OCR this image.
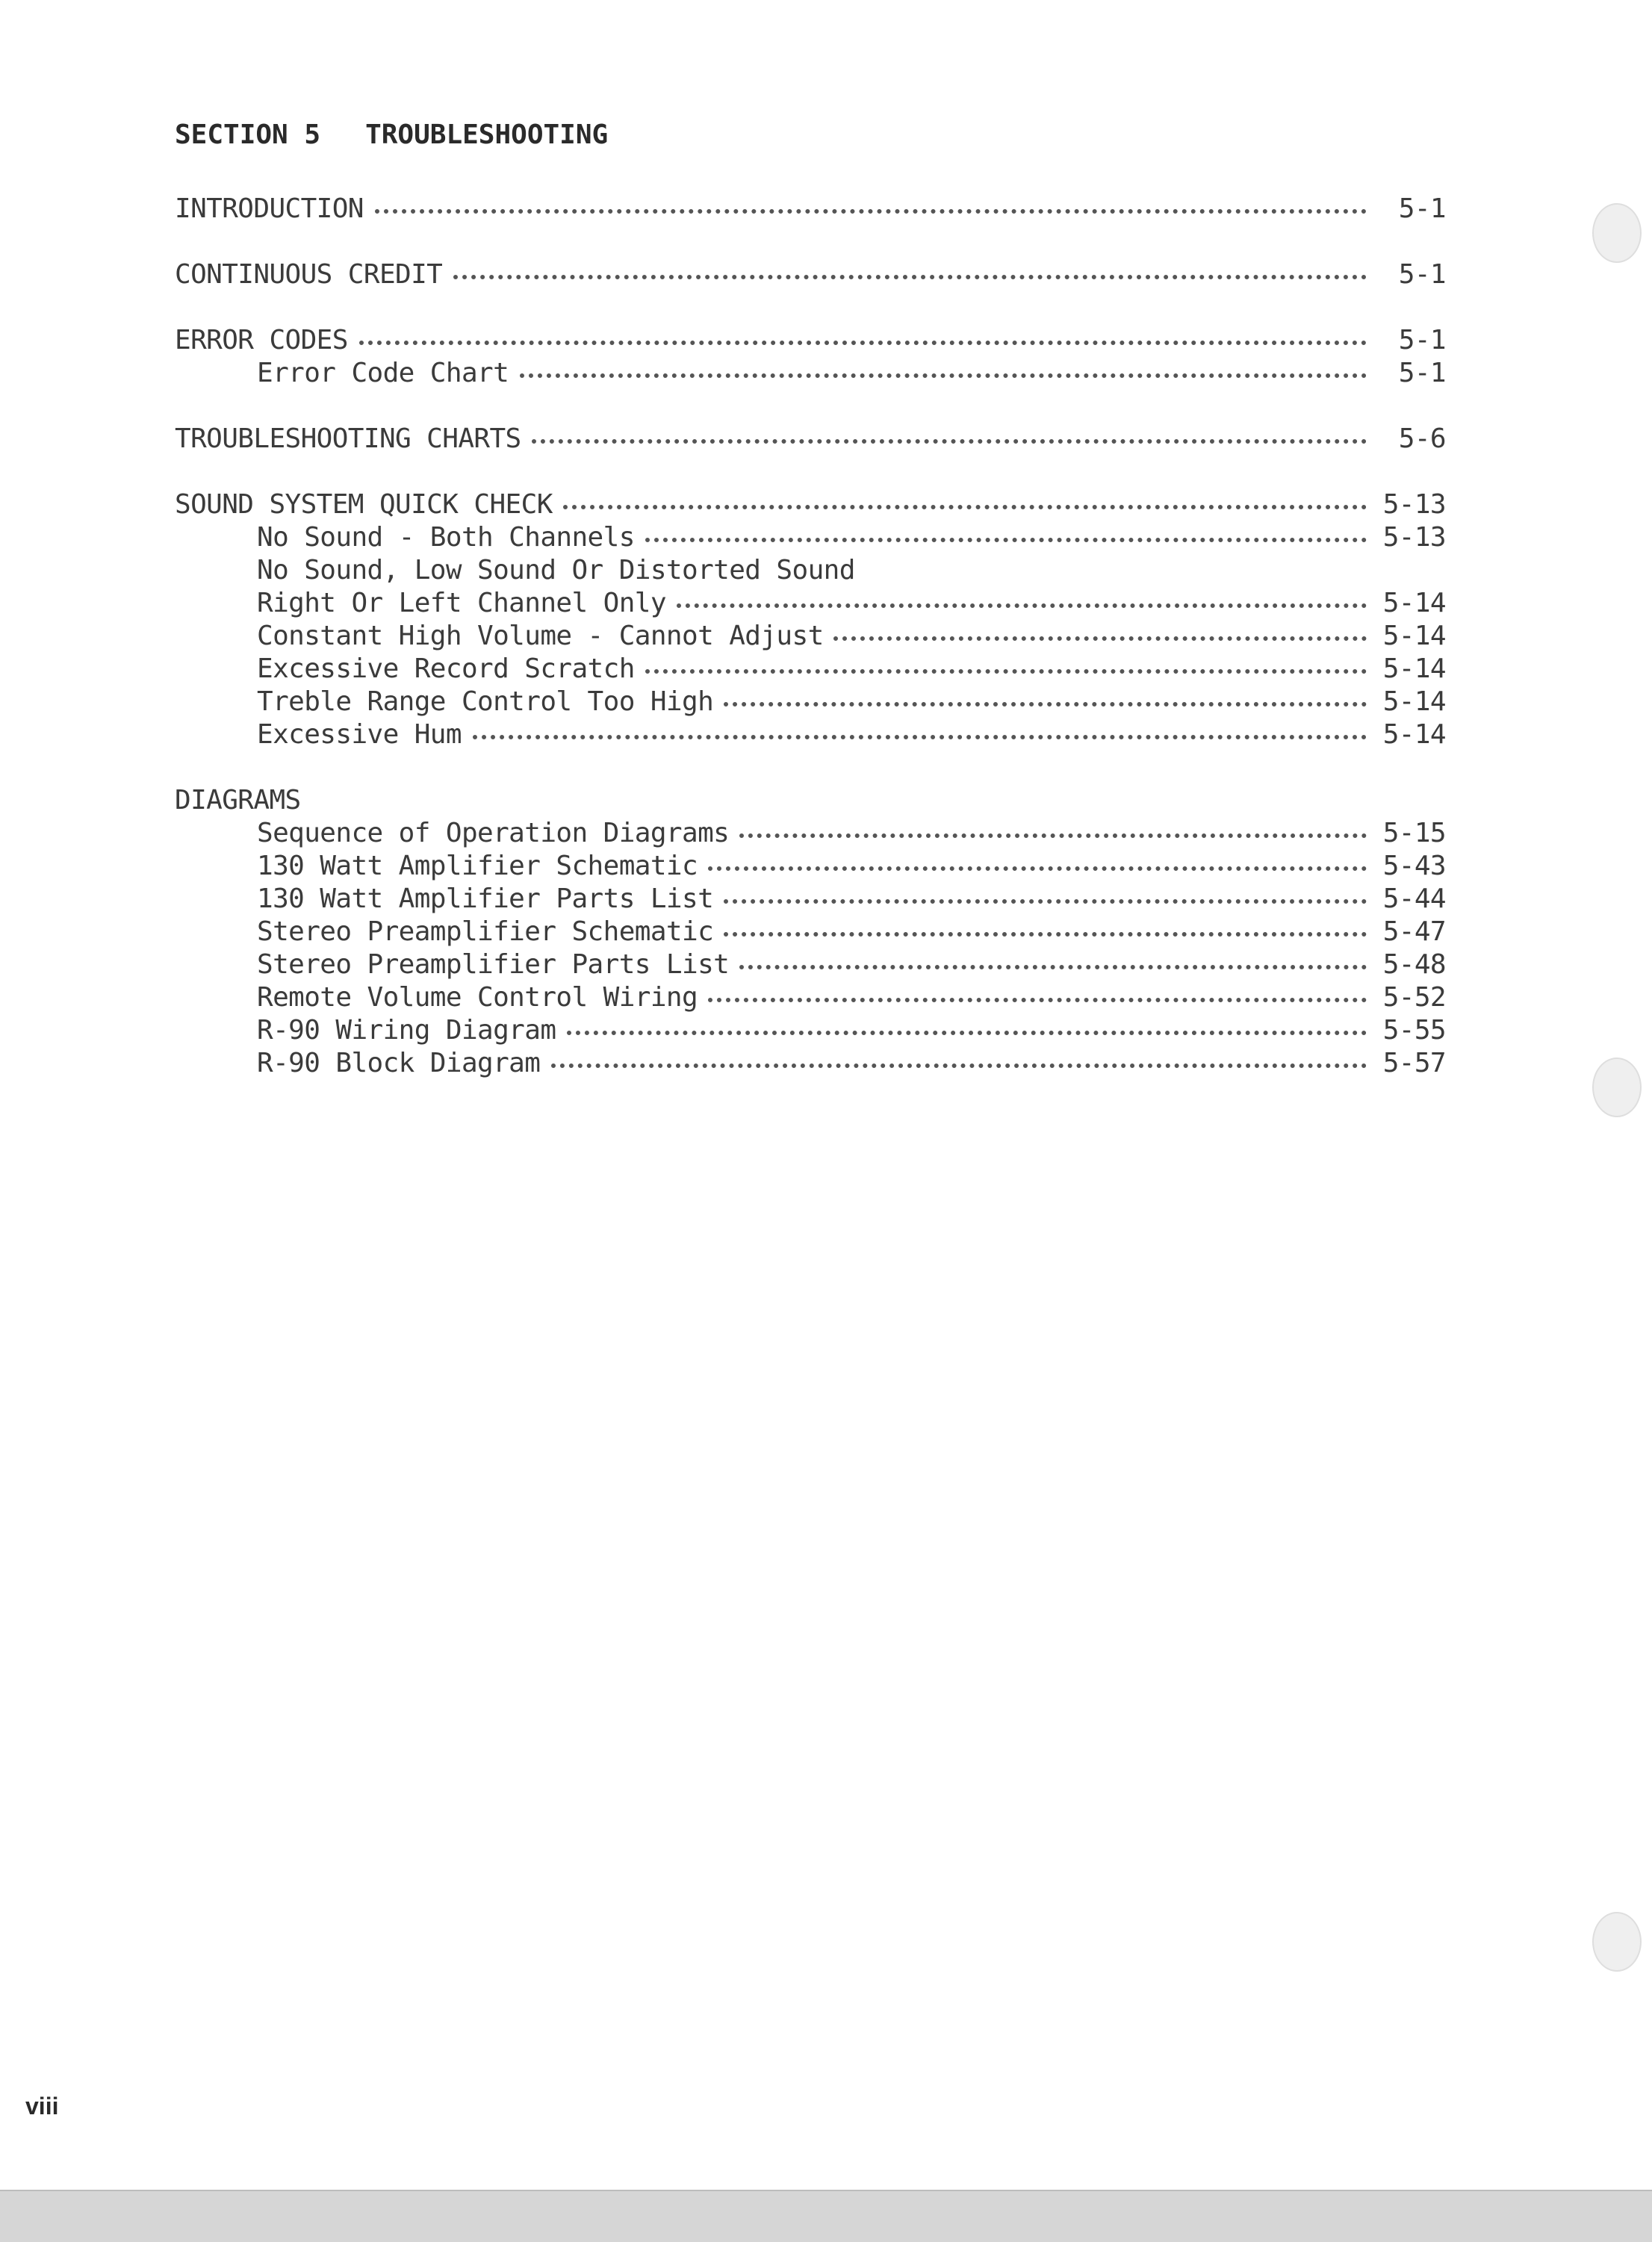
SECTION 5 TROUBLESHOOTING
INTRODUCTION	5-1
CONTINUOUS CREDIT	5-1
ERROR CODES	5-1
Error Code Chart	5-1
TROUBLESHOOTING CHARTS	5-6
SOUND SYSTEM QUICK CHECK	5-13
No Sound - Both Channels	5-13
No Sound, Low Sound Or Distorted Sound
Right Or Left Channel Only	5-14
Constant High Volume - Cannot Adjust	5-14
Excessive Record Scratch	5-14
Treble Range Control Too High	5-14
Excessive Hum	5-14
DIAGRAMS
Sequence of Operation Diagrams	5-15
130 Watt Amplifier Schematic	5-43
130 Watt Amplifier Parts List	5-44
Stereo Preamplifier Schematic	5-47
Stereo Preamplifier Parts List	5-48
Remote Volume Control Wiring	5-52
R-90 Wiring Diagram	5-55
R-90 Block Diagram	5-57
viii
